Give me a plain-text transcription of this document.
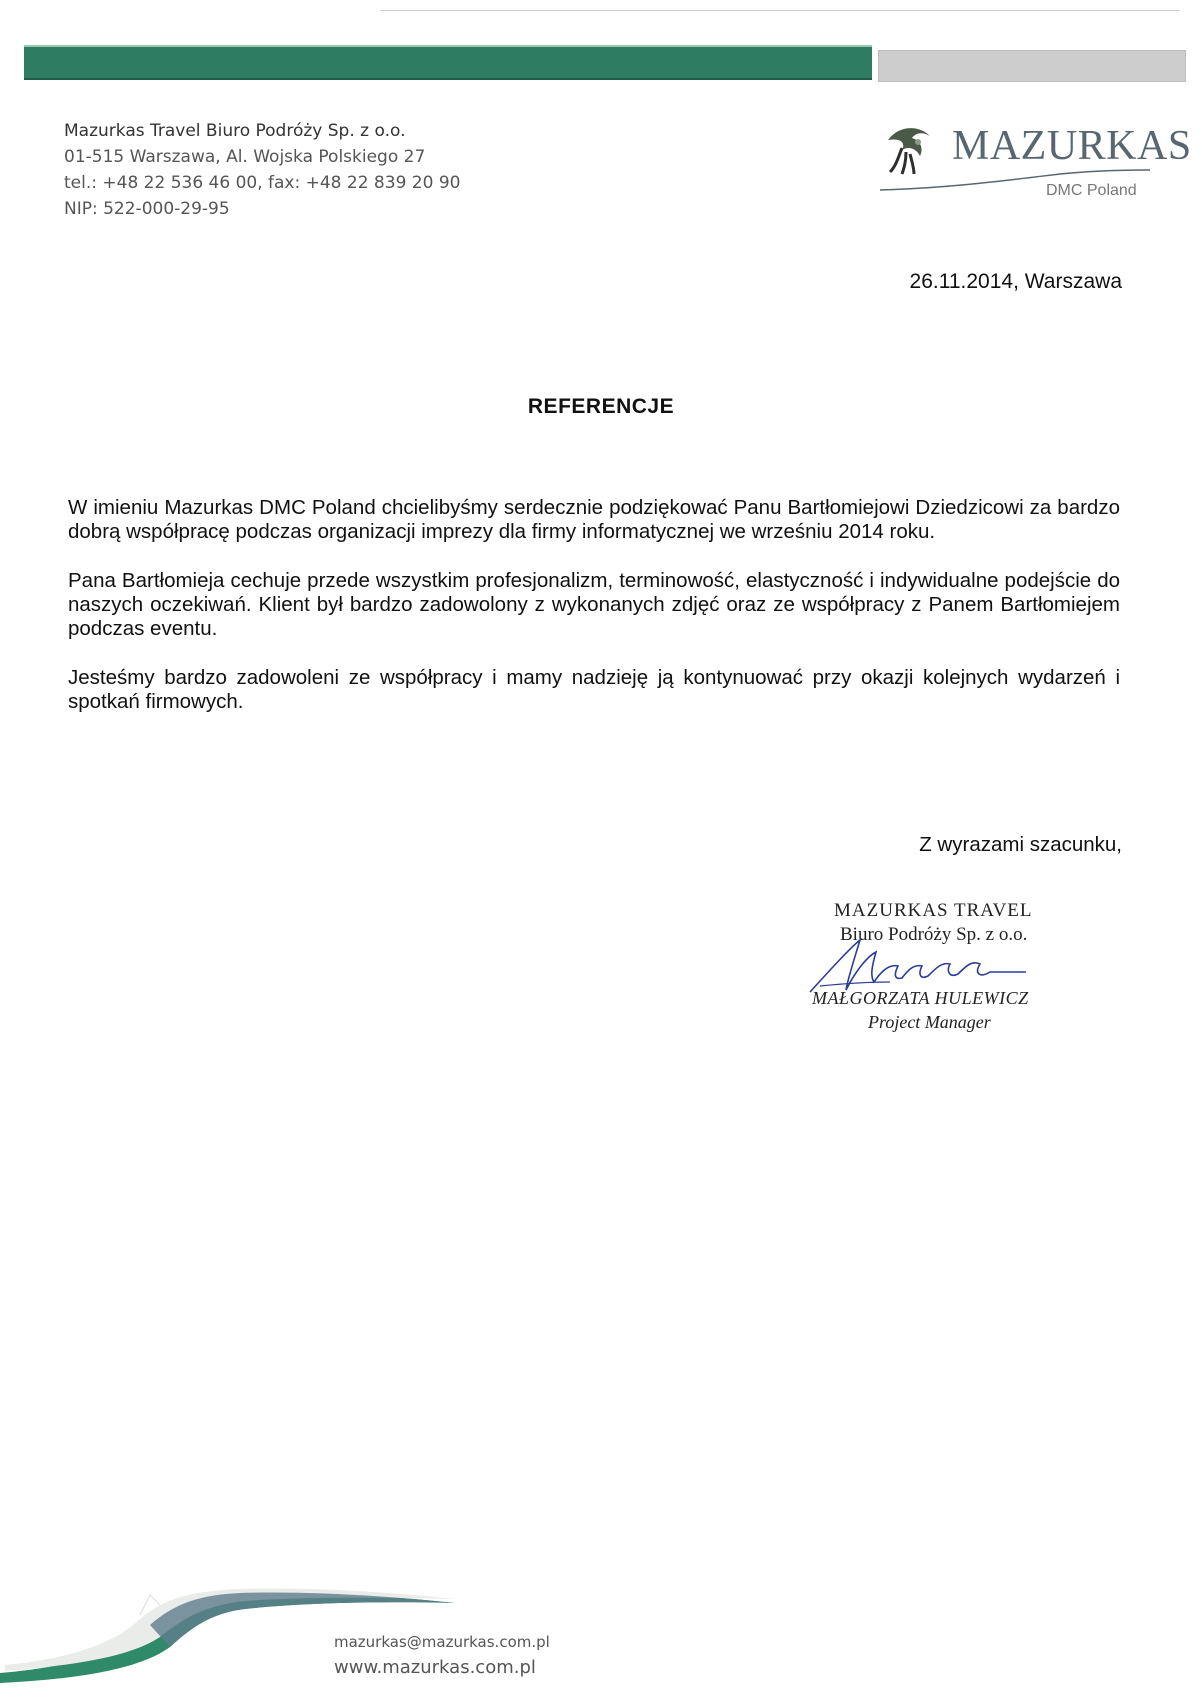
Mazurkas Travel Biuro Podróży Sp. z o.o.
01-515 Warszawa, Al. Wojska Polskiego 27
tel.: +48 22 536 46 00, fax: +48 22 839 20 90
NIP: 522-000-29-95
MAZURKAS
DMC Poland
26.11.2014, Warszawa
REFERENCJE

W imieniu Mazurkas DMC Poland chcielibyśmy serdecznie podziękować Panu Bartłomiejowi Dziedzicowi za bardzo dobrą współpracę podczas organizacji imprezy dla firmy informatycznej we wrześniu 2014 roku.

Pana Bartłomieja cechuje przede wszystkim profesjonalizm, terminowość, elastyczność i indywidualne podejście do naszych oczekiwań. Klient był bardzo zadowolony z wykonanych zdjęć oraz ze współpracy z Panem Bartłomiejem podczas eventu.

Jesteśmy bardzo zadowoleni ze współpracy i mamy nadzieję ją kontynuować przy okazji kolejnych wydarzeń i spotkań firmowych.

Z wyrazami szacunku,
MAZURKAS TRAVEL
Biuro Podróży Sp. z o.o.
MAŁGORZATA HULEWICZ
Project Manager
mazurkas@mazurkas.com.pl
www.mazurkas.com.pl
